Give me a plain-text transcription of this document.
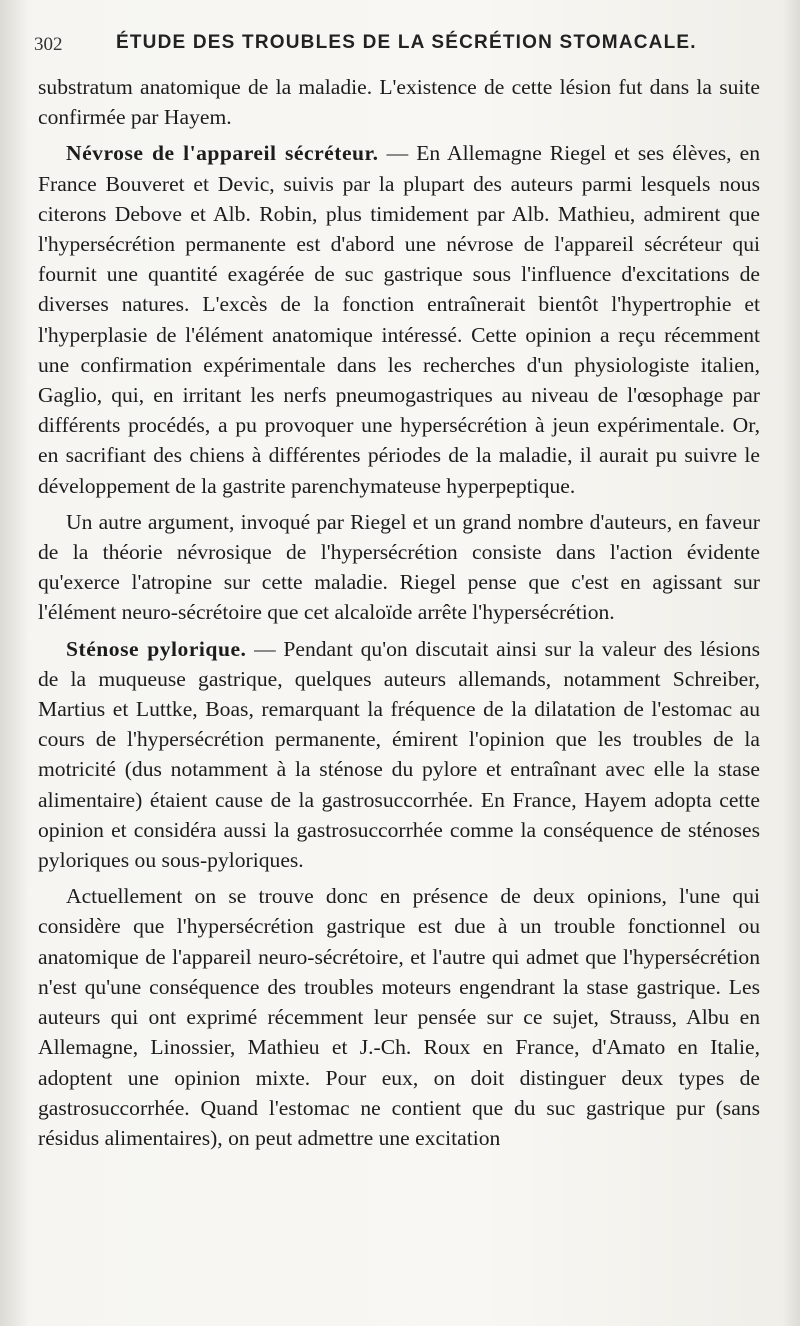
302	ÉTUDE DES TROUBLES DE LA SÉCRÉTION STOMACALE.

substratum anatomique de la maladie. L'existence de cette lésion fut dans la suite confirmée par Hayem.

Névrose de l'appareil sécréteur. — En Allemagne Riegel et ses élèves, en France Bouveret et Devic, suivis par la plupart des auteurs parmi lesquels nous citerons Debove et Alb. Robin, plus timidement par Alb. Mathieu, admirent que l'hypersécrétion permanente est d'abord une névrose de l'appareil sécréteur qui fournit une quantité exagérée de suc gastrique sous l'influence d'excitations de diverses natures. L'excès de la fonction entraînerait bientôt l'hypertrophie et l'hyperplasie de l'élément anatomique intéressé. Cette opinion a reçu récemment une confirmation expérimentale dans les recherches d'un physiologiste italien, Gaglio, qui, en irritant les nerfs pneumogastriques au niveau de l'œsophage par différents procédés, a pu provoquer une hypersécrétion à jeun expérimentale. Or, en sacrifiant des chiens à différentes périodes de la maladie, il aurait pu suivre le développement de la gastrite parenchymateuse hyperpeptique.

Un autre argument, invoqué par Riegel et un grand nombre d'auteurs, en faveur de la théorie névrosique de l'hypersécrétion consiste dans l'action évidente qu'exerce l'atropine sur cette maladie. Riegel pense que c'est en agissant sur l'élément neuro-sécrétoire que cet alcaloïde arrête l'hypersécrétion.

Sténose pylorique. — Pendant qu'on discutait ainsi sur la valeur des lésions de la muqueuse gastrique, quelques auteurs allemands, notamment Schreiber, Martius et Luttke, Boas, remarquant la fréquence de la dilatation de l'estomac au cours de l'hypersécrétion permanente, émirent l'opinion que les troubles de la motricité (dus notamment à la sténose du pylore et entraînant avec elle la stase alimentaire) étaient cause de la gastrosuccorrhée. En France, Hayem adopta cette opinion et considéra aussi la gastrosuccorrhée comme la conséquence de sténoses pyloriques ou sous-pyloriques.

Actuellement on se trouve donc en présence de deux opinions, l'une qui considère que l'hypersécrétion gastrique est due à un trouble fonctionnel ou anatomique de l'appareil neuro-sécrétoire, et l'autre qui admet que l'hypersécrétion n'est qu'une conséquence des troubles moteurs engendrant la stase gastrique. Les auteurs qui ont exprimé récemment leur pensée sur ce sujet, Strauss, Albu en Allemagne, Linossier, Mathieu et J.-Ch. Roux en France, d'Amato en Italie, adoptent une opinion mixte. Pour eux, on doit distinguer deux types de gastrosuccorrhée. Quand l'estomac ne contient que du suc gastrique pur (sans résidus alimentaires), on peut admettre une excitation
